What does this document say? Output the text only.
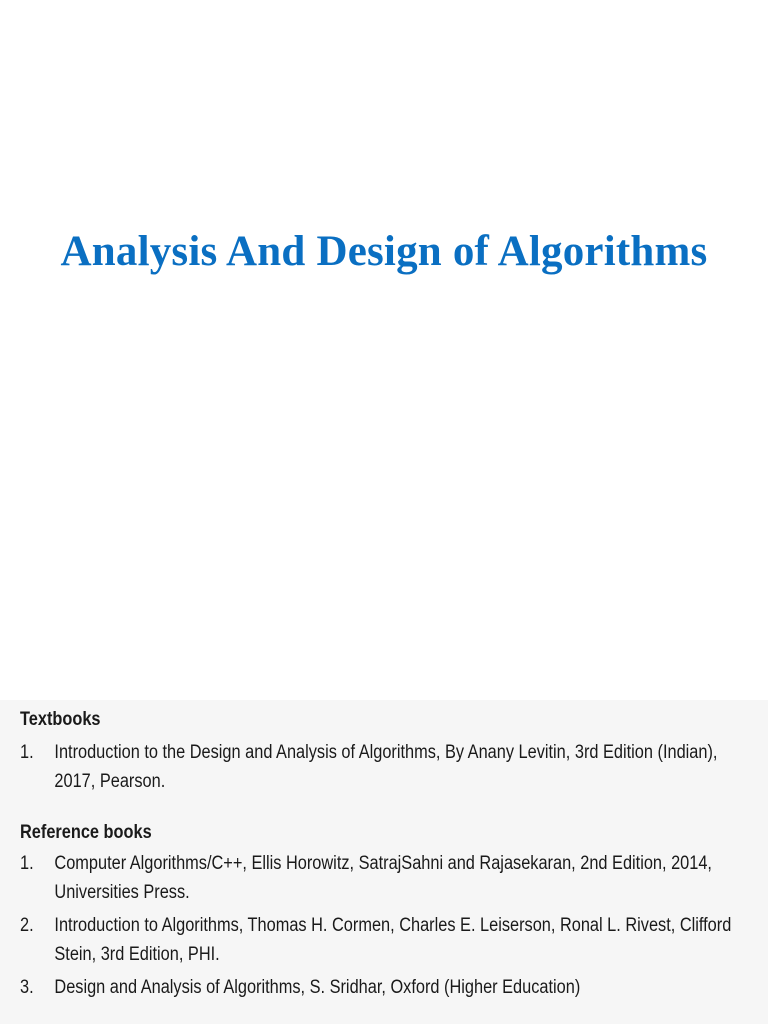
Analysis And Design of Algorithms
Textbooks
1. Introduction to the Design and Analysis of Algorithms, By Anany Levitin, 3rd Edition (Indian),
2017, Pearson.
Reference books
1. Computer Algorithms/C++, Ellis Horowitz, SatrajSahni and Rajasekaran, 2nd Edition, 2014,
Universities Press.
2. Introduction to Algorithms, Thomas H. Cormen, Charles E. Leiserson, Ronal L. Rivest, Clifford
Stein, 3rd Edition, PHI.
3. Design and Analysis of Algorithms, S. Sridhar, Oxford (Higher Education)
